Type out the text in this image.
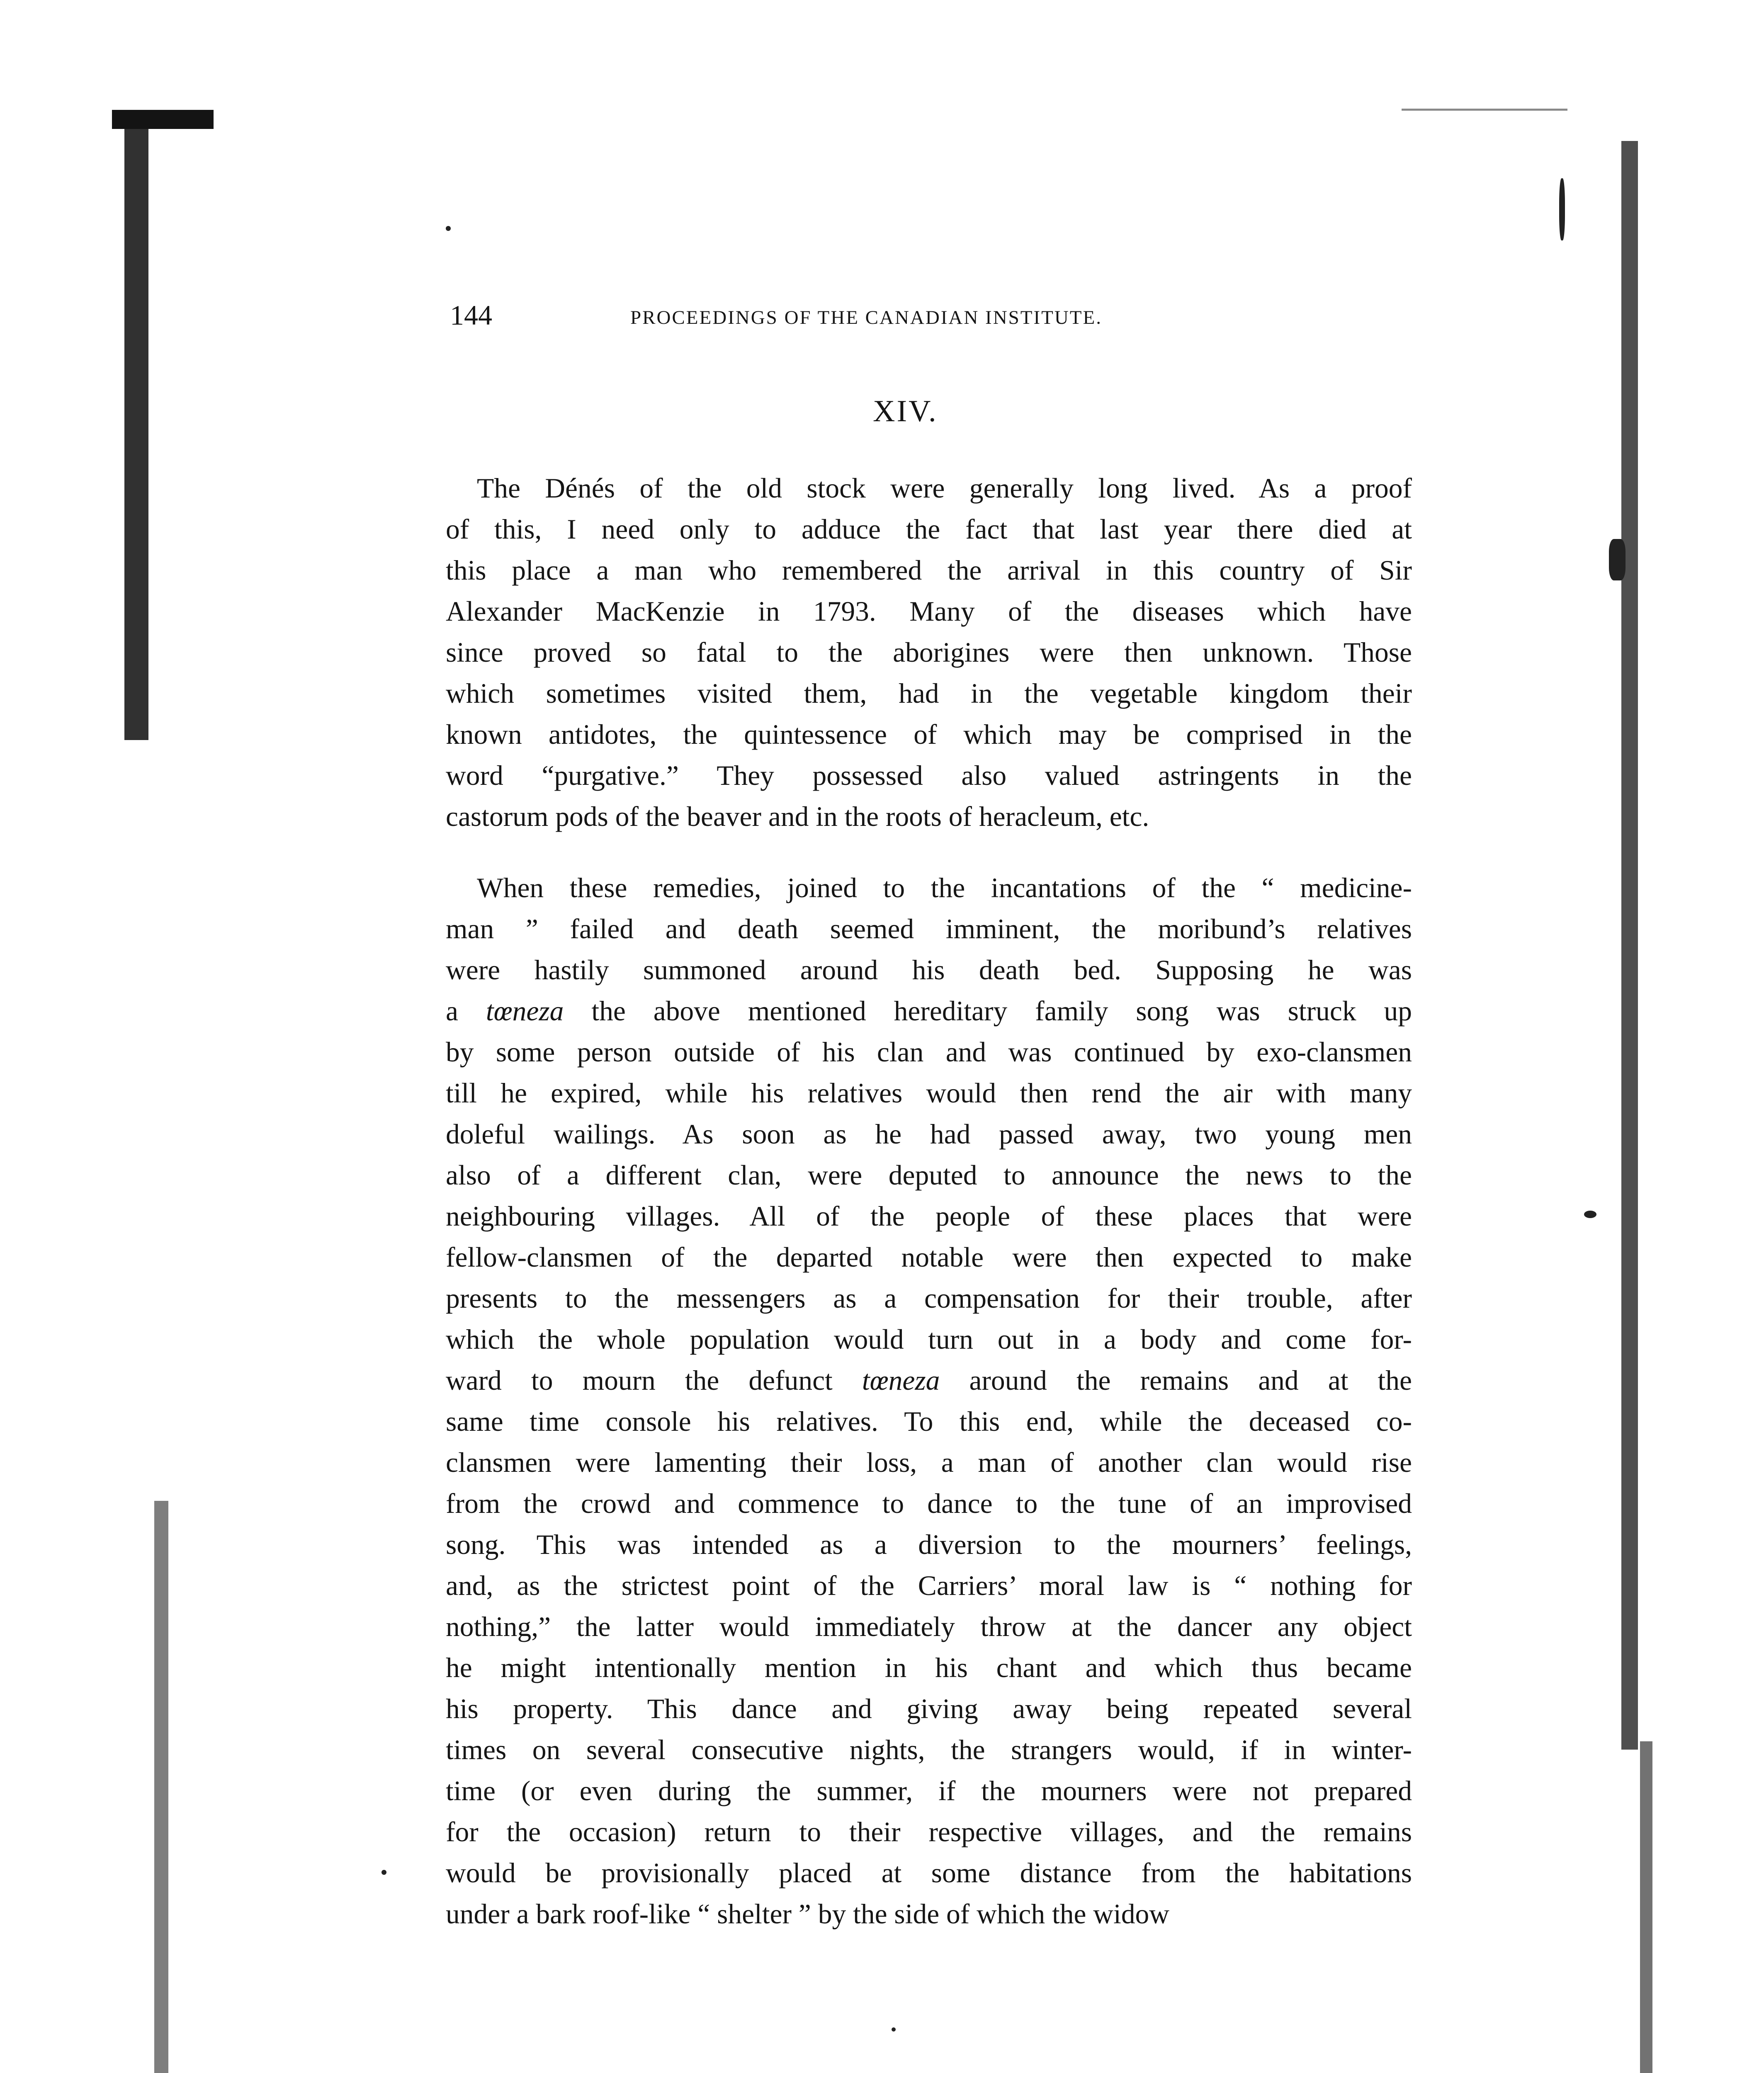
144	PROCEEDINGS OF THE CANADIAN INSTITUTE.
XIV.

The Dénés of the old stock were generally long lived. As a proof
of this, I need only to adduce the fact that last year there died at
this place a man who remembered the arrival in this country of Sir
Alexander MacKenzie in 1793. Many of the diseases which have
since proved so fatal to the aborigines were then unknown. Those
which sometimes visited them, had in the vegetable kingdom their
known antidotes, the quintessence of which may be comprised in the
word “purgative.” They possessed also valued astringents in the
castorum pods of the beaver and in the roots of heracleum, etc.

When these remedies, joined to the incantations of the “ medicine-
man ” failed and death seemed imminent, the moribund’s relatives
were hastily summoned around his death bed. Supposing he was
a tœneza the above mentioned hereditary family song was struck up
by some person outside of his clan and was continued by exo-clansmen
till he expired, while his relatives would then rend the air with many
doleful wailings. As soon as he had passed away, two young men
also of a different clan, were deputed to announce the news to the
neighbouring villages. All of the people of these places that were
fellow-clansmen of the departed notable were then expected to make
presents to the messengers as a compensation for their trouble, after
which the whole population would turn out in a body and come for-
ward to mourn the defunct tœneza around the remains and at the
same time console his relatives. To this end, while the deceased co-
clansmen were lamenting their loss, a man of another clan would rise
from the crowd and commence to dance to the tune of an improvised
song. This was intended as a diversion to the mourners’ feelings,
and, as the strictest point of the Carriers’ moral law is “ nothing for
nothing,” the latter would immediately throw at the dancer any object
he might intentionally mention in his chant and which thus became
his property. This dance and giving away being repeated several
times on several consecutive nights, the strangers would, if in winter-
time (or even during the summer, if the mourners were not prepared
for the occasion) return to their respective villages, and the remains
would be provisionally placed at some distance from the habitations
under a bark roof-like “ shelter ” by the side of which the widow
